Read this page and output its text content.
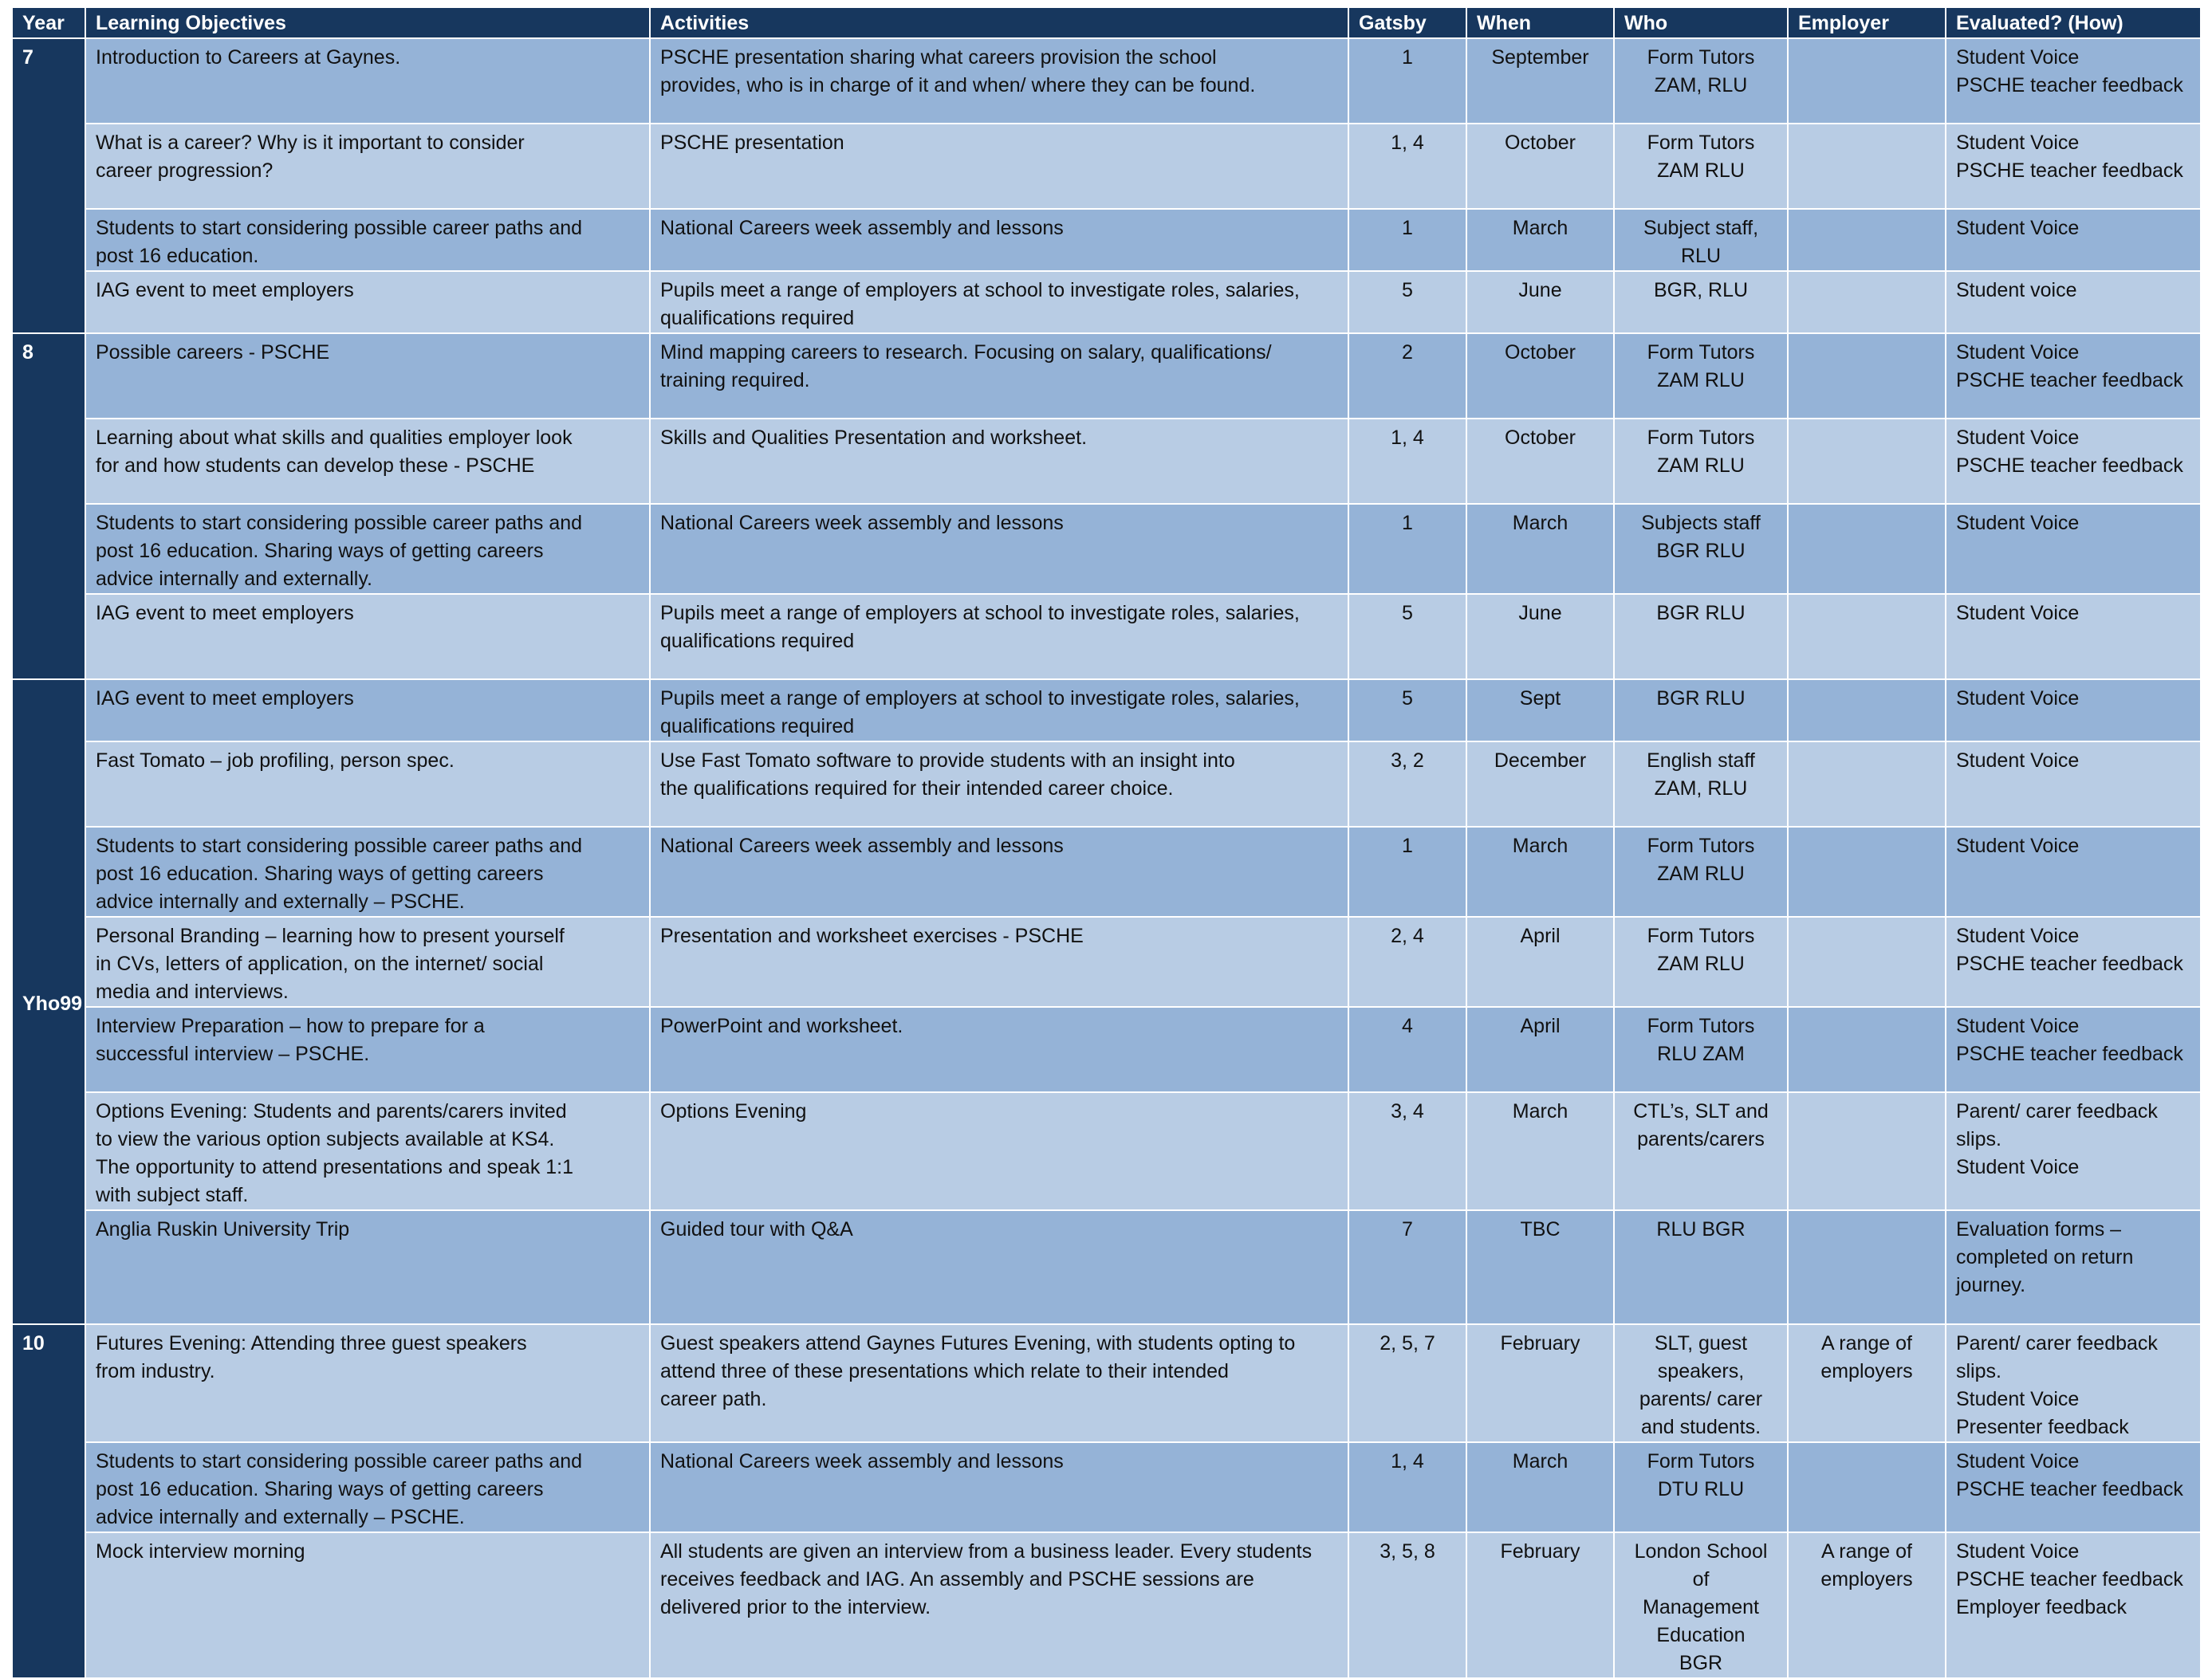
Year	Learning Objectives	Activities	Gatsby	When	Who	Employer	Evaluated? (How)
7	Introduction to Careers at Gaynes.	PSCHE presentation sharing what careers provision the school
provides, who is in charge of it and when/ where they can be found.	1	September	Form Tutors
ZAM, RLU		Student Voice
PSCHE teacher feedback
	What is a career? Why is it important to consider
career progression?	PSCHE presentation	1, 4	October	Form Tutors
ZAM RLU		Student Voice
PSCHE teacher feedback
	Students to start considering possible career paths and
post 16 education.	National Careers week assembly and lessons	1	March	Subject staff,
RLU		Student Voice
	IAG event to meet employers	Pupils meet a range of employers at school to investigate roles, salaries,
qualifications required	5	June	BGR, RLU		Student voice
8	Possible careers - PSCHE	Mind mapping careers to research. Focusing on salary, qualifications/
training required.	2	October	Form Tutors
ZAM RLU		Student Voice
PSCHE teacher feedback
	Learning about what skills and qualities employer look
for and how students can develop these - PSCHE	Skills and Qualities Presentation and worksheet.	1, 4	October	Form Tutors
ZAM RLU		Student Voice
PSCHE teacher feedback
	Students to start considering possible career paths and
post 16 education. Sharing ways of getting careers
advice internally and externally.	National Careers week assembly and lessons	1	March	Subjects staff
BGR RLU		Student Voice
	IAG event to meet employers	Pupils meet a range of employers at school to investigate roles, salaries,
qualifications required	5	June	BGR RLU		Student Voice
Yho99	IAG event to meet employers	Pupils meet a range of employers at school to investigate roles, salaries,
qualifications required	5	Sept	BGR RLU		Student Voice
	Fast Tomato – job profiling, person spec.	Use Fast Tomato software to provide students with an insight into
the qualifications required for their intended career choice.	3, 2	December	English staff
ZAM, RLU		Student Voice
	Students to start considering possible career paths and
post 16 education. Sharing ways of getting careers
advice internally and externally – PSCHE.	National Careers week assembly and lessons	1	March	Form Tutors
ZAM RLU		Student Voice
	Personal Branding – learning how to present yourself
in CVs, letters of application, on the internet/ social
media and interviews.	Presentation and worksheet exercises - PSCHE	2, 4	April	Form Tutors
ZAM RLU		Student Voice
PSCHE teacher feedback
	Interview Preparation – how to prepare for a
successful interview – PSCHE.	PowerPoint and worksheet.	4	April	Form Tutors
RLU ZAM		Student Voice
PSCHE teacher feedback
	Options Evening: Students and parents/carers invited
to view the various option subjects available at KS4.
The opportunity to attend presentations and speak 1:1
with subject staff.	Options Evening	3, 4	March	CTL’s, SLT and
parents/carers		Parent/ carer feedback
slips.
Student Voice
	Anglia Ruskin University Trip	Guided tour with Q&A	7	TBC	RLU BGR		Evaluation forms –
completed on return
journey.
10	Futures Evening: Attending three guest speakers
from industry.	Guest speakers attend Gaynes Futures Evening, with students opting to
attend three of these presentations which relate to their intended
career path.	2, 5, 7	February	SLT, guest
speakers,
parents/ carer
and students.	A range of
employers	Parent/ carer feedback
slips.
Student Voice
Presenter feedback
	Students to start considering possible career paths and
post 16 education. Sharing ways of getting careers
advice internally and externally – PSCHE.	National Careers week assembly and lessons	1, 4	March	Form Tutors
DTU RLU		Student Voice
PSCHE teacher feedback
	Mock interview morning	All students are given an interview from a business leader. Every students
receives feedback and IAG. An assembly and PSCHE sessions are
delivered prior to the interview.	3, 5, 8	February	London School of
Management
Education
BGR	A range of
employers	Student Voice
PSCHE teacher feedback
Employer feedback
